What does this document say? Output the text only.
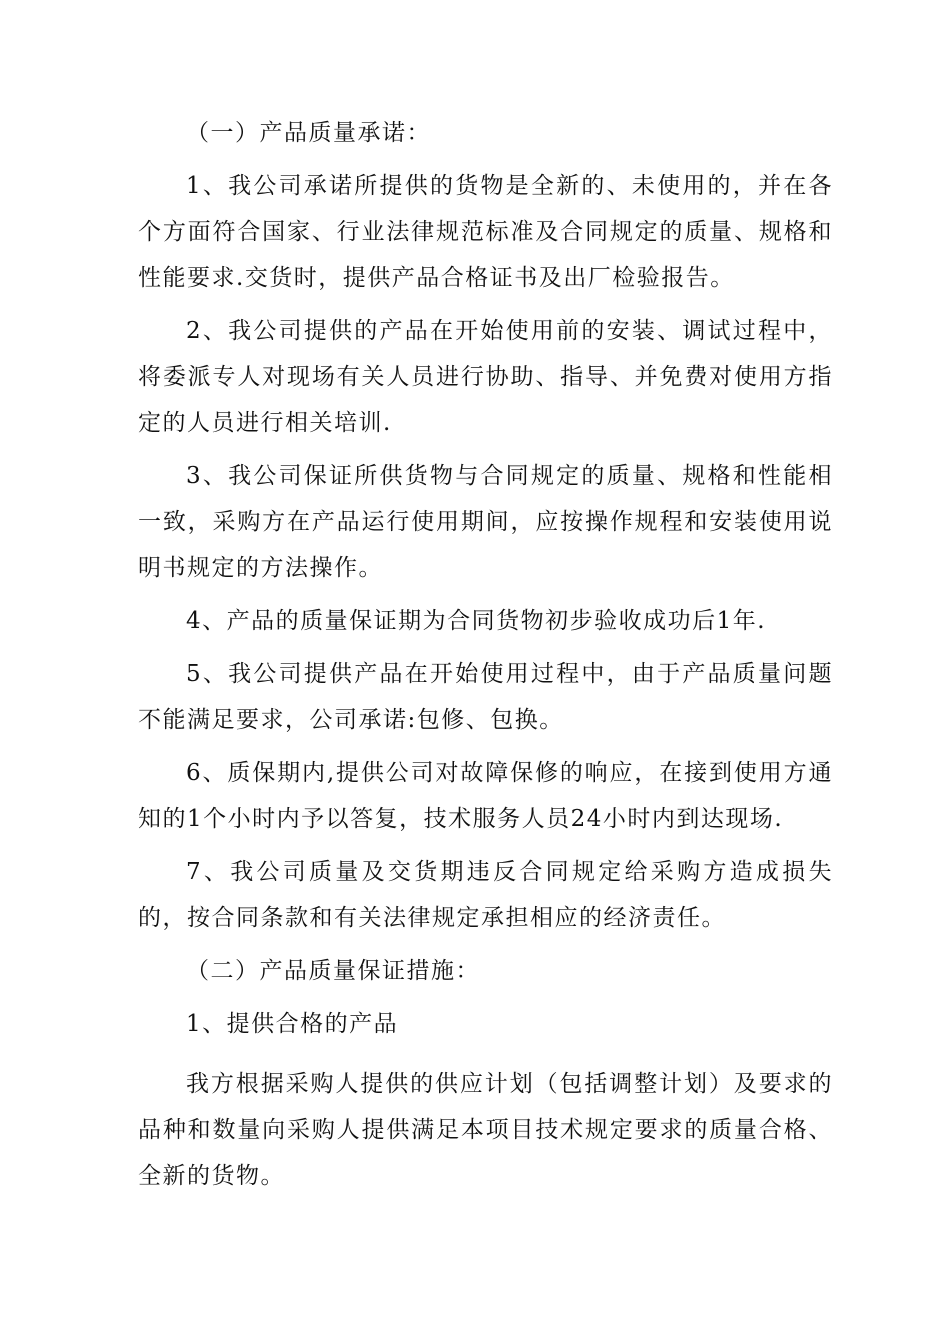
（一）产品质量承诺：

1、我公司承诺所提供的货物是全新的、未使用的，并在各个方面符合国家、行业法律规范标准及合同规定的质量、规格和性能要求.交货时，提供产品合格证书及出厂检验报告。

2、我公司提供的产品在开始使用前的安装、调试过程中，将委派专人对现场有关人员进行协助、指导、并免费对使用方指定的人员进行相关培训.

3、我公司保证所供货物与合同规定的质量、规格和性能相一致，采购方在产品运行使用期间，应按操作规程和安装使用说明书规定的方法操作。

4、产品的质量保证期为合同货物初步验收成功后1年.

5、我公司提供产品在开始使用过程中，由于产品质量问题不能满足要求，公司承诺:包修、包换。

6、质保期内,提供公司对故障保修的响应，在接到使用方通知的1个小时内予以答复，技术服务人员24小时内到达现场.

7、我公司质量及交货期违反合同规定给采购方造成损失的，按合同条款和有关法律规定承担相应的经济责任。

（二）产品质量保证措施：

1、提供合格的产品

我方根据采购人提供的供应计划（包括调整计划）及要求的品种和数量向采购人提供满足本项目技术规定要求的质量合格、全新的货物。
